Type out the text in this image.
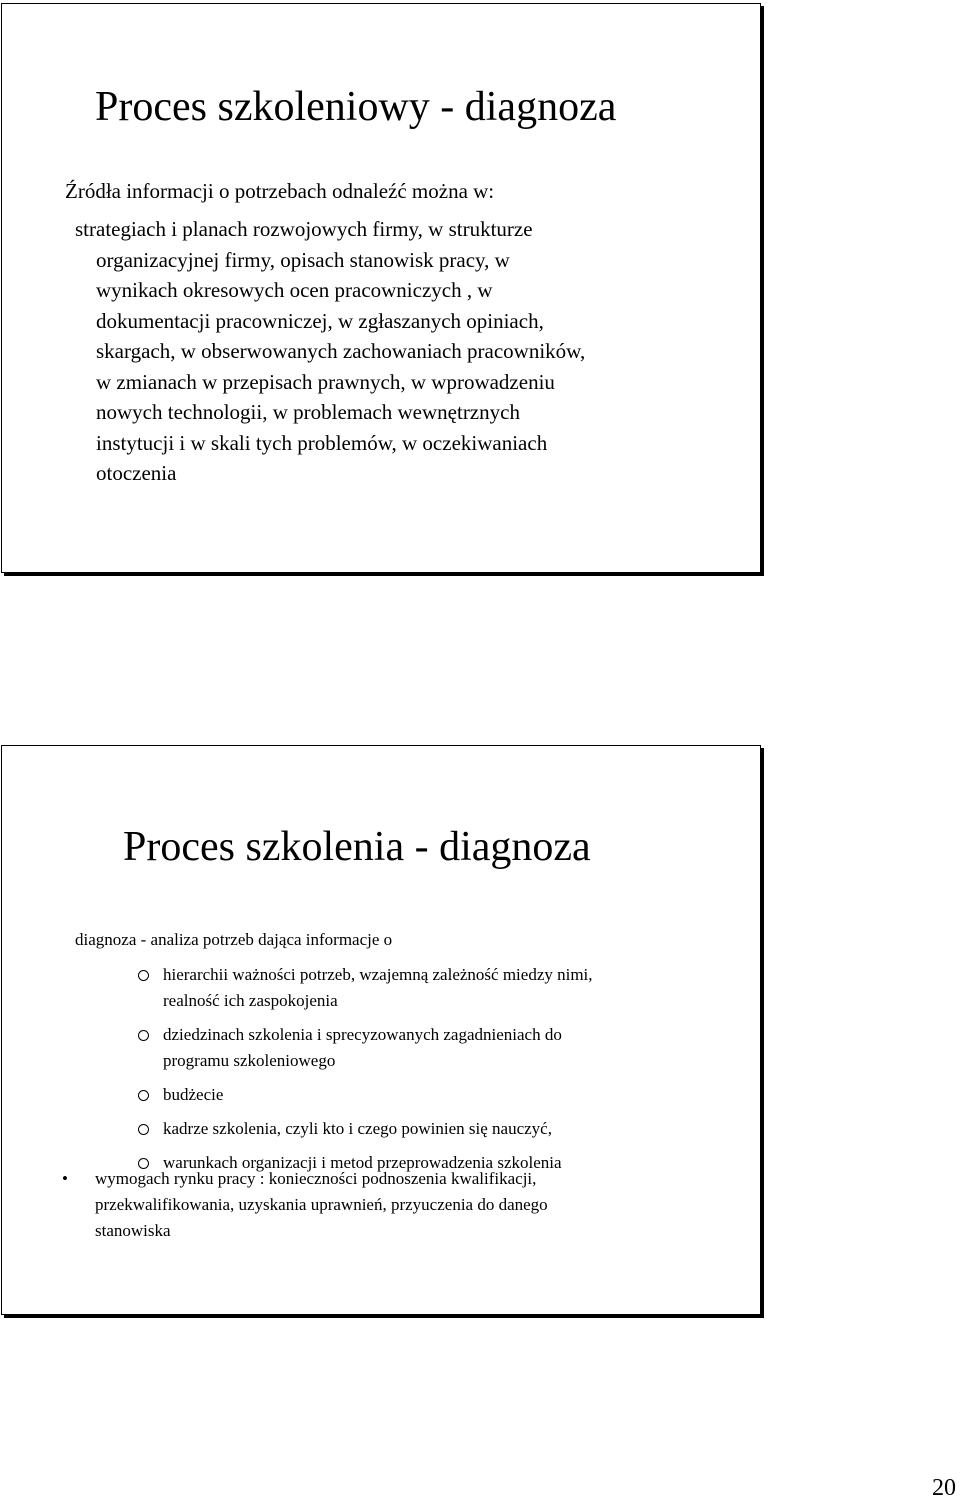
Proces szkoleniowy - diagnoza
Źródła informacji o potrzebach odnaleźć można w:
strategiach i planach rozwojowych firmy, w strukturze
organizacyjnej firmy, opisach stanowisk pracy, w
wynikach okresowych ocen pracowniczych , w
dokumentacji pracowniczej, w zgłaszanych opiniach,
skargach, w obserwowanych zachowaniach pracowników,
w zmianach w przepisach prawnych, w wprowadzeniu
nowych technologii, w problemach wewnętrznych
instytucji i w skali tych problemów, w oczekiwaniach
otoczenia
Proces szkolenia - diagnoza
diagnoza - analiza potrzeb dająca informacje o
hierarchii ważności potrzeb, wzajemną zależność miedzy nimi,
realność ich zaspokojenia
dziedzinach szkolenia i sprecyzowanych zagadnieniach do
programu szkoleniowego
budżecie
kadrze szkolenia, czyli kto i czego powinien się nauczyć,
warunkach organizacji i metod przeprowadzenia szkolenia
• wymogach rynku pracy : konieczności podnoszenia kwalifikacji,
przekwalifikowania, uzyskania uprawnień, przyuczenia do danego
stanowiska
20
